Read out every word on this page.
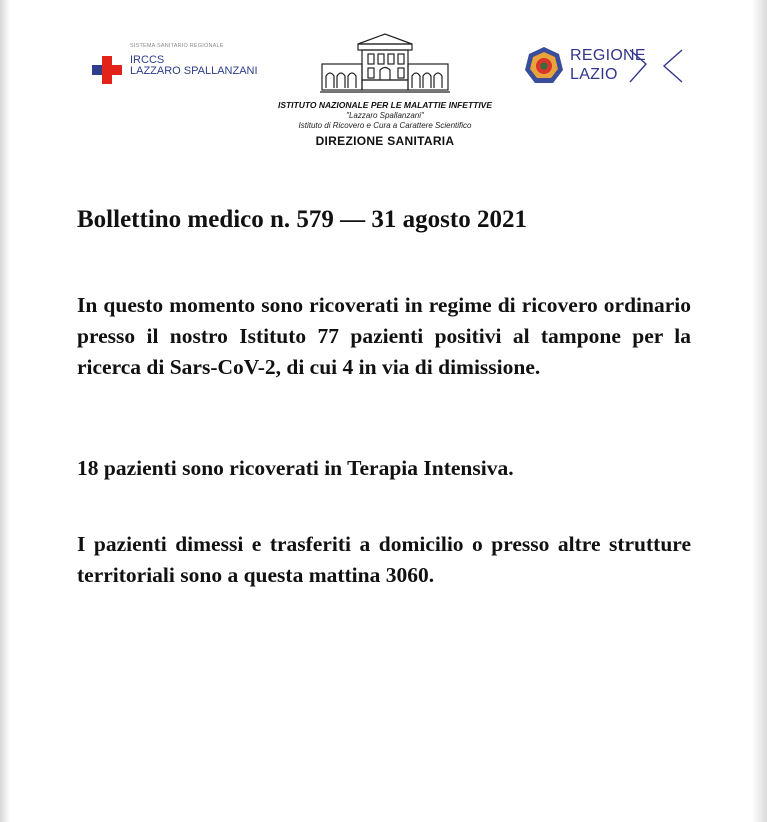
SISTEMA SANITARIO REGIONALE
IRCCS
LAZZARO SPALLANZANI
ISTITUTO NAZIONALE PER LE MALATTIE INFETTIVE
"Lazzaro Spallanzani"
Istituto di Ricovero e Cura a Carattere Scientifico
DIREZIONE SANITARIA
REGIONE
LAZIO
Bollettino medico n. 579 — 31 agosto 2021

In questo momento sono ricoverati in regime di ricovero ordinario presso il nostro Istituto 77 pazienti positivi al tampone per la ricerca di Sars-CoV-2, di cui 4 in via di dimissione.

18 pazienti sono ricoverati in Terapia Intensiva.

I pazienti dimessi e trasferiti a domicilio o presso altre strutture territoriali sono a questa mattina 3060.
